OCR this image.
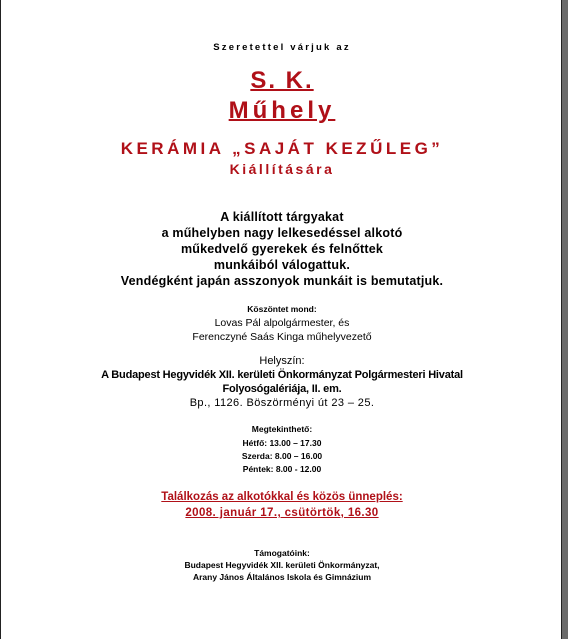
Szeretettel várjuk az
S. K.
Műhely
KERÁMIA „SAJÁT KEZŰLEG”
Kiállítására
A kiállított tárgyakat
a műhelyben nagy lelkesedéssel alkotó
műkedvelő gyerekek és felnőttek
munkáiból válogattuk.
Vendégként japán asszonyok munkáit is bemutatjuk.
Köszöntet mond:
Lovas Pál alpolgármester, és
Ferenczyné Saás Kinga műhelyvezető
Helyszín:
A Budapest Hegyvidék XII. kerületi Önkormányzat Polgármesteri Hivatal
Folyosógalériája, II. em.
Bp., 1126. Böszörményi út 23 – 25.
Megtekinthető:
Hétfő: 13.00 – 17.30
Szerda: 8.00 – 16.00
Péntek: 8.00 - 12.00
Találkozás az alkotókkal és közös ünneplés:
2008. január 17., csütörtök, 16.30
Támogatóink:
Budapest Hegyvidék XII. kerületi Önkormányzat,
Arany János Általános Iskola és Gimnázium
